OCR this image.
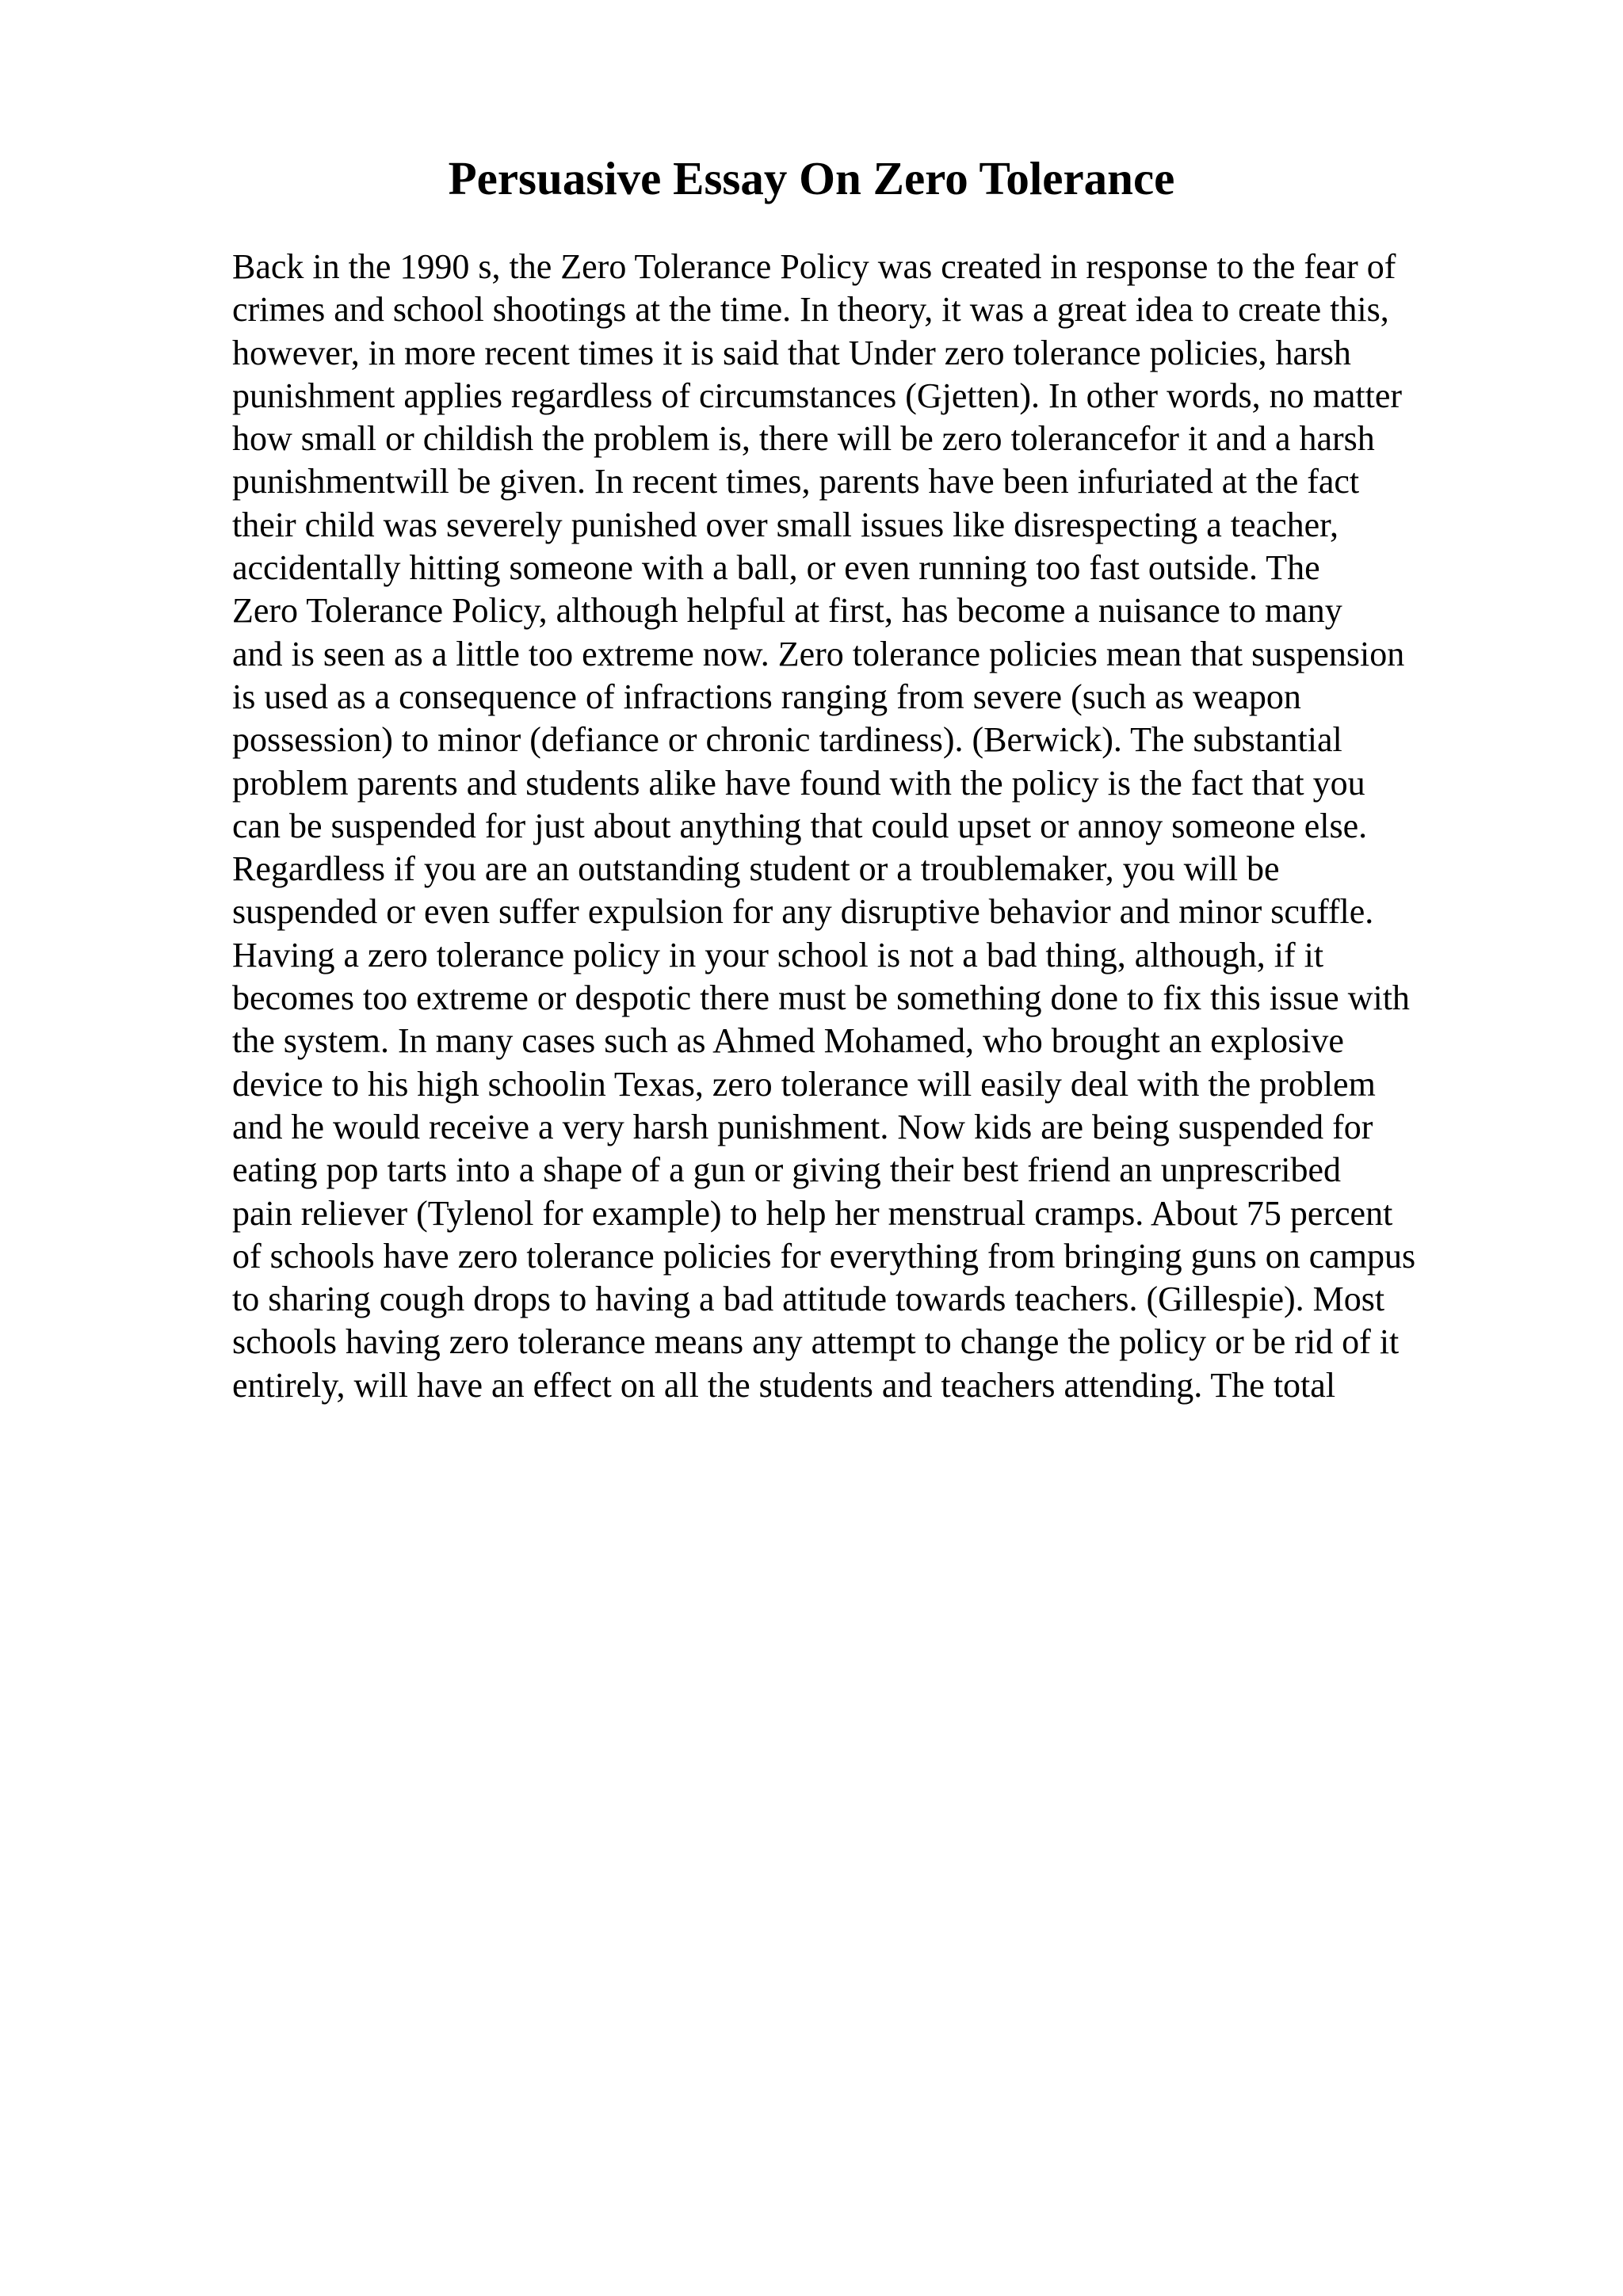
Persuasive Essay On Zero Tolerance
Back in the 1990 s, the Zero Tolerance Policy was created in response to the fear of
crimes and school shootings at the time. In theory, it was a great idea to create this,
however, in more recent times it is said that Under zero tolerance policies, harsh
punishment applies regardless of circumstances (Gjetten). In other words, no matter
how small or childish the problem is, there will be zero tolerancefor it and a harsh
punishmentwill be given. In recent times, parents have been infuriated at the fact
their child was severely punished over small issues like disrespecting a teacher,
accidentally hitting someone with a ball, or even running too fast outside. The
Zero Tolerance Policy, although helpful at first, has become a nuisance to many
and is seen as a little too extreme now. Zero tolerance policies mean that suspension
is used as a consequence of infractions ranging from severe (such as weapon
possession) to minor (defiance or chronic tardiness). (Berwick). The substantial
problem parents and students alike have found with the policy is the fact that you
can be suspended for just about anything that could upset or annoy someone else.
Regardless if you are an outstanding student or a troublemaker, you will be
suspended or even suffer expulsion for any disruptive behavior and minor scuffle.
Having a zero tolerance policy in your school is not a bad thing, although, if it
becomes too extreme or despotic there must be something done to fix this issue with
the system. In many cases such as Ahmed Mohamed, who brought an explosive
device to his high schoolin Texas, zero tolerance will easily deal with the problem
and he would receive a very harsh punishment. Now kids are being suspended for
eating pop tarts into a shape of a gun or giving their best friend an unprescribed
pain reliever (Tylenol for example) to help her menstrual cramps. About 75 percent
of schools have zero tolerance policies for everything from bringing guns on campus
to sharing cough drops to having a bad attitude towards teachers. (Gillespie). Most
schools having zero tolerance means any attempt to change the policy or be rid of it
entirely, will have an effect on all the students and teachers attending. The total
